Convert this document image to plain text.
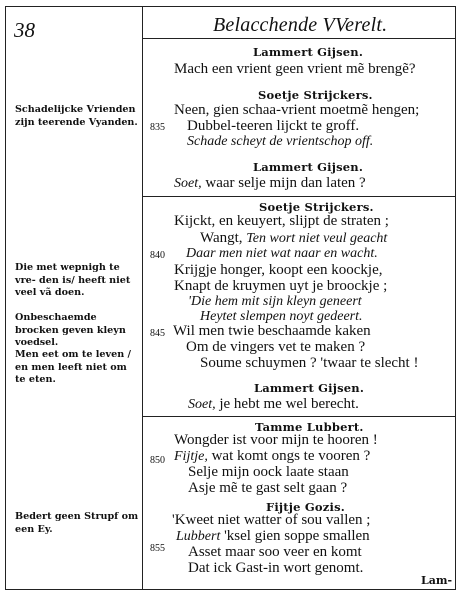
38	Belacchende VVerelt.
Schadelijcke Vrienden zijn teerende Vyanden.
Die met wepnigh te vre- den is/ heeft niet veel vã doen.
Onbeschaemde brocken geven kleyn voedsel.
Men eet om te leven / en men leeft niet om te eten.
Bedert geen Strupf om een Ey.
835
840
845
850
855
Lammert Gijsen.
Mach een vrient geen vrient mẽ brengẽ?
Soetje Strijckers.
Neen, gien schaa-vrient moetmẽ hengen;
Dubbel-teeren lijckt te groff.
Schade scheyt de vrientschop off.
Lammert Gijsen.
Soet, waar selje mijn dan laten ?
Soetje Strijckers.
Kijckt, en keuyert, slijpt de straten ;
Wangt, Ten wort niet veul geacht
Daar men niet wat naar en wacht.
Krijgje honger, koopt een koockje,
Knapt de kruymen uyt je broockje ;
'Die hem mit sijn kleyn geneert
Heytet slempen noyt gedeert.
Wil men twie beschaamde kaken
Om de vingers vet te maken ?
Soume schuymen ? 'twaar te slecht !
Lammert Gijsen.
Soet, je hebt me wel berecht.
Tamme Lubbert.
Wongder ist voor mijn te hooren !
Fijtje, wat komt ongs te vooren ?
Selje mijn oock laate staan
Asje mẽ te gast selt gaan ?
Fijtje Gozis.
'Kweet niet watter of sou vallen ;
Lubbert 'ksel gien soppe smallen
Asset maar soo veer en komt
Dat ick Gast-in wort genomt.
Lam-
